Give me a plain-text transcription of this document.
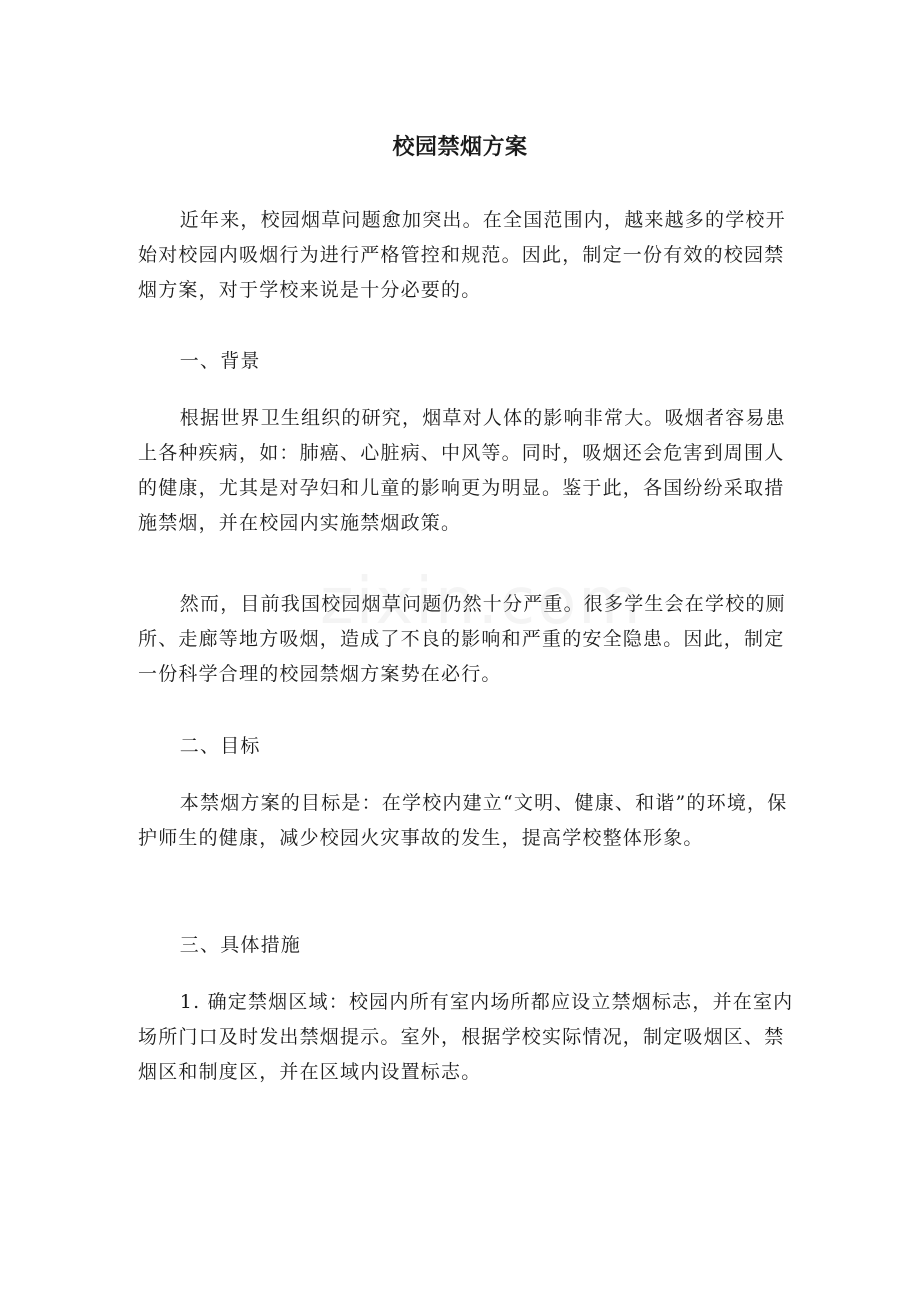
校园禁烟方案

近年来，校园烟草问题愈加突出。在全国范围内，越来越多的学校开始对校园内吸烟行为进行严格管控和规范。因此，制定一份有效的校园禁烟方案，对于学校来说是十分必要的。

一、背景

根据世界卫生组织的研究，烟草对人体的影响非常大。吸烟者容易患上各种疾病，如：肺癌、心脏病、中风等。同时，吸烟还会危害到周围人的健康，尤其是对孕妇和儿童的影响更为明显。鉴于此，各国纷纷采取措施禁烟，并在校园内实施禁烟政策。

然而，目前我国校园烟草问题仍然十分严重。很多学生会在学校的厕所、走廊等地方吸烟，造成了不良的影响和严重的安全隐患。因此，制定一份科学合理的校园禁烟方案势在必行。

二、目标

本禁烟方案的目标是：在学校内建立“文明、健康、和谐”的环境，保护师生的健康，减少校园火灾事故的发生，提高学校整体形象。

三、具体措施

1. 确定禁烟区域：校园内所有室内场所都应设立禁烟标志，并在室内场所门口及时发出禁烟提示。室外，根据学校实际情况，制定吸烟区、禁烟区和制度区，并在区域内设置标志。
